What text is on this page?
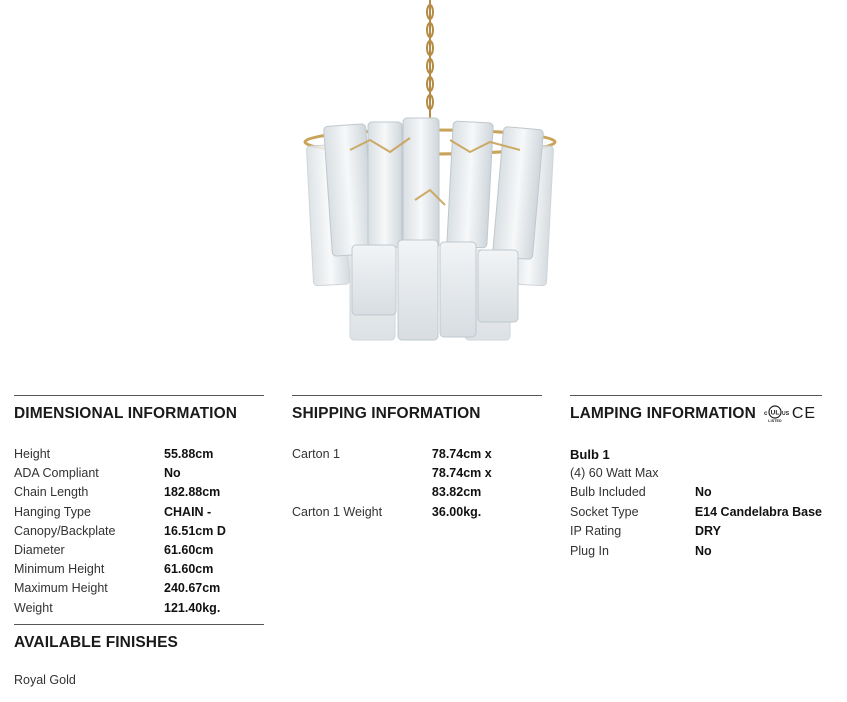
DIMENSIONAL INFORMATION
Height	55.88cm
ADA Compliant	No
Chain Length	182.88cm
Hanging Type	CHAIN -
Canopy/Backplate	16.51cm D
Diameter	61.60cm
Minimum Height	61.60cm
Maximum Height	240.67cm
Weight	121.40kg.
SHIPPING INFORMATION
Carton 1	78.74cm x 78.74cm x 83.82cm
Carton 1 Weight	36.00kg.
LAMPING INFORMATION c UL US
LISTED CE
Bulb 1
(4) 60 Watt Max
Bulb Included	No
Socket Type	E14 Candelabra Base
IP Rating	DRY
Plug In	No
AVAILABLE FINISHES
Royal Gold
